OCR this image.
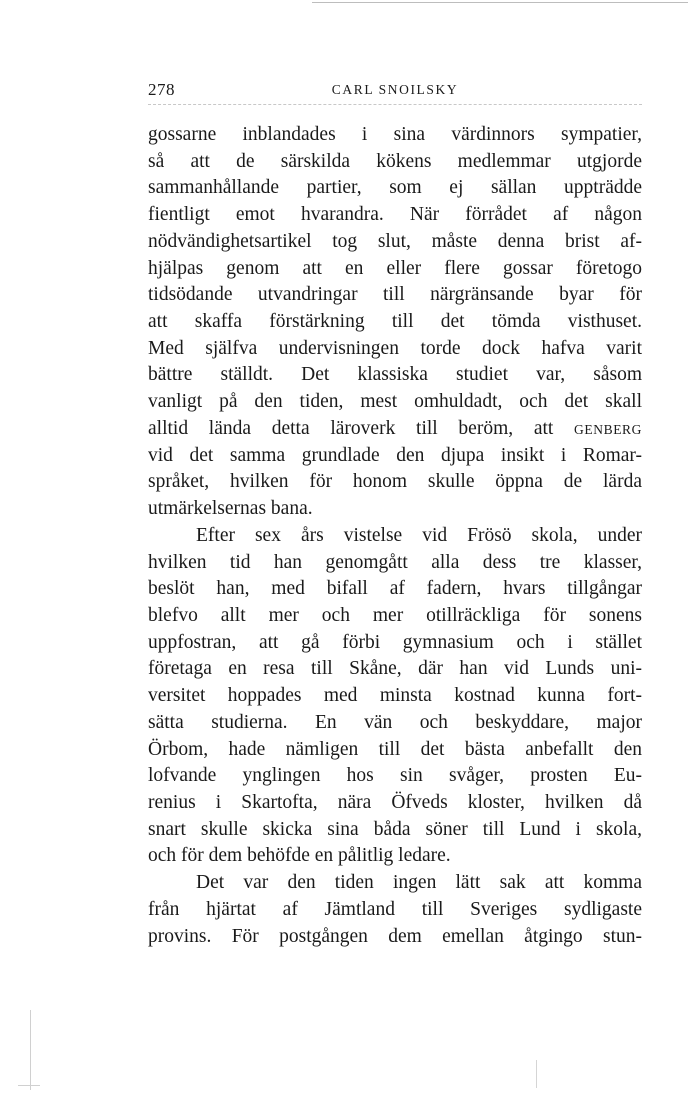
278	CARL SNOILSKY
gossarne inblandades i sina värdinnors sympatier,
så att de särskilda kökens medlemmar utgjorde
sammanhållande partier, som ej sällan uppträdde
fientligt emot hvarandra. När förrådet af någon
nödvändighetsartikel tog slut, måste denna brist af-
hjälpas genom att en eller flere gossar företogo
tidsödande utvandringar till närgränsande byar för
att skaffa förstärkning till det tömda visthuset.
Med själfva undervisningen torde dock hafva varit
bättre ställdt. Det klassiska studiet var, såsom
vanligt på den tiden, mest omhuldadt, och det skall
alltid lända detta läroverk till beröm, att GENBERG
vid det samma grundlade den djupa insikt i Romar-
språket, hvilken för honom skulle öppna de lärda
utmärkelsernas bana.
Efter sex års vistelse vid Frösö skola, under
hvilken tid han genomgått alla dess tre klasser,
beslöt han, med bifall af fadern, hvars tillgångar
blefvo allt mer och mer otillräckliga för sonens
uppfostran, att gå förbi gymnasium och i stället
företaga en resa till Skåne, där han vid Lunds uni-
versitet hoppades med minsta kostnad kunna fort-
sätta studierna. En vän och beskyddare, major
Örbom, hade nämligen till det bästa anbefallt den
lofvande ynglingen hos sin svåger, prosten Eu-
renius i Skartofta, nära Öfveds kloster, hvilken då
snart skulle skicka sina båda söner till Lund i skola,
och för dem behöfde en pålitlig ledare.
Det var den tiden ingen lätt sak att komma
från hjärtat af Jämtland till Sveriges sydligaste
provins. För postgången dem emellan åtgingo stun-
